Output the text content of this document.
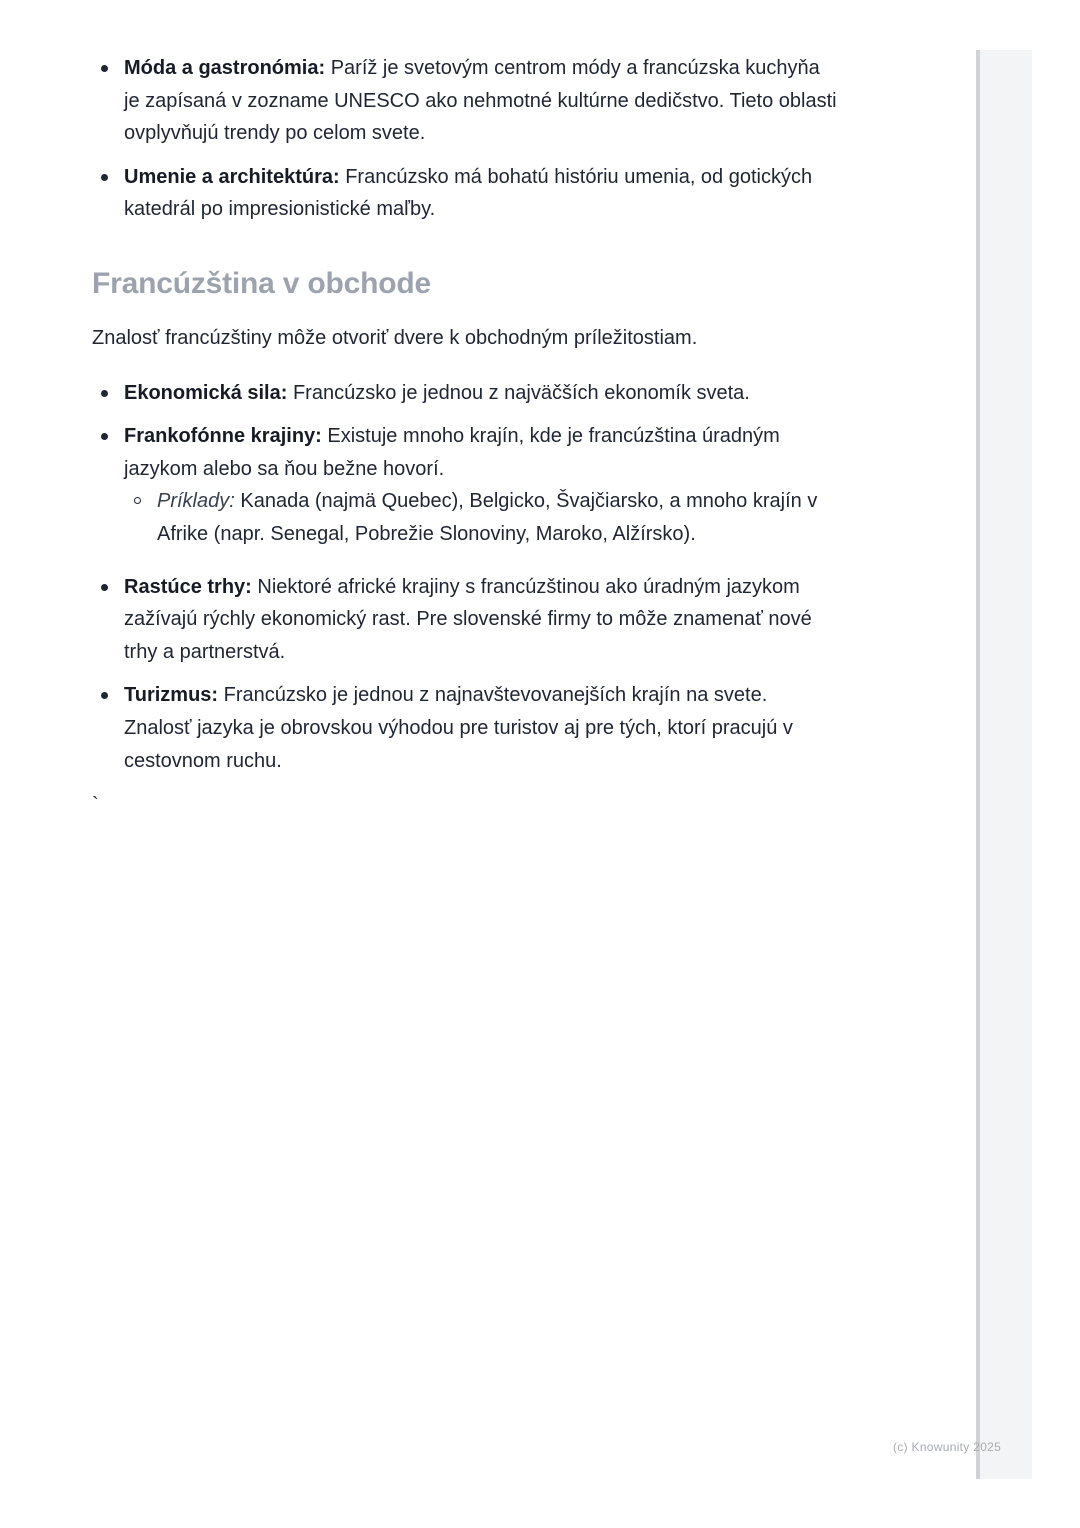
Móda a gastronómia: Paríž je svetovým centrom módy a francúzska kuchyňa je zapísaná v zozname UNESCO ako nehmotné kultúrne dedičstvo. Tieto oblasti ovplyvňujú trendy po celom svete.
Umenie a architektúra: Francúzsko má bohatú históriu umenia, od gotických katedrál po impresionistické maľby.
Francúzština v obchode

Znalosť francúzštiny môže otvoriť dvere k obchodným príležitostiam.

Ekonomická sila: Francúzsko je jednou z najväčších ekonomík sveta.
Frankofónne krajiny: Existuje mnoho krajín, kde je francúzština úradným jazykom alebo sa ňou bežne hovorí.
Príklady: Kanada (najmä Quebec), Belgicko, Švajčiarsko, a mnoho krajín v Afrike (napr. Senegal, Pobrežie Slonoviny, Maroko, Alžírsko).
Rastúce trhy: Niektoré africké krajiny s francúzštinou ako úradným jazykom zažívajú rýchly ekonomický rast. Pre slovenské firmy to môže znamenať nové trhy a partnerstvá.
Turizmus: Francúzsko je jednou z najnavštevovanejších krajín na svete. Znalosť jazyka je obrovskou výhodou pre turistov aj pre tých, ktorí pracujú v cestovnom ruchu.
`
(c) Knowunity 2025
